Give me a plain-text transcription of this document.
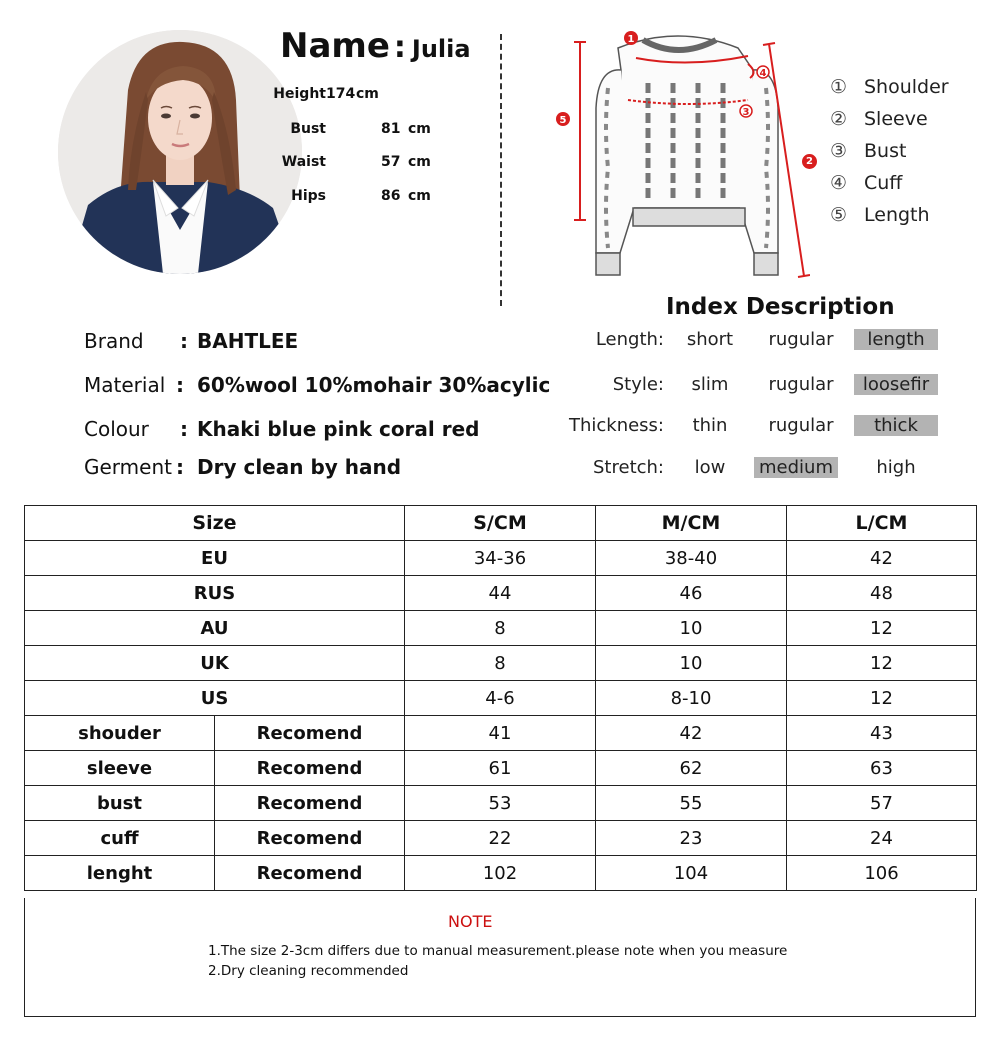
Name : Julia
Height 174 cm
Bust	81 cm
Waist	57 cm
Hips	86 cm
1
5
3
4
2
① Shoulder
② Sleeve
③ Bust
④ Cuff
⑤ Length
Index Description
Brand : BAHTLEE
Material : 60%wool 10%mohair 30%acylic
Colour : Khaki blue pink coral red
Germent : Dry clean by hand
Length:	short	rugular	length
Style:	slim	rugular	loosefir
Thickness:	thin	rugular	thick
Stretch:	low	medium	high
Size		S/CM	M/CM	L/CM
EU		34-36	38-40	42
RUS		44	46	48
AU		8	10	12
UK		8	10	12
US		4-6	8-10	12
shouder	Recomend	41	42	43
sleeve	Recomend	61	62	63
bust	Recomend	53	55	57
cuff	Recomend	22	23	24
lenght	Recomend	102	104	106
NOTE
1.The size 2-3cm differs due to manual measurement.please note when you measure
2.Dry cleaning recommended
